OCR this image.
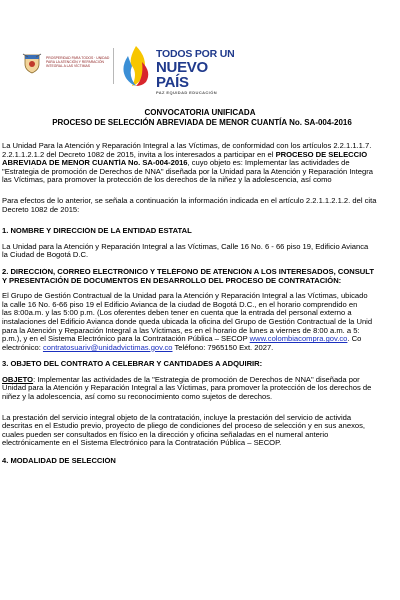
PROSPERIDAD PARA TODOS · UNIDAD PARA LA ATENCIÓN Y REPARACIÓN INTEGRAL A LAS VÍCTIMAS
TODOS POR UN
NUEVO PAÍS
PAZ EQUIDAD EDUCACIÓN
CONVOCATORIA UNIFICADA
PROCESO DE SELECCIÓN ABREVIADA DE MENOR CUANTÍA No. SA-004-2016

La Unidad Para la Atención y Reparación Integral a las Víctimas, de conformidad con los artículos 2.2.1.1.1.7.

2.2.1.1.2.1.2 del Decreto 1082 de 2015, invita a los interesados a participar en el PROCESO DE SELECCIÓ

ABREVIADA DE MENOR CUANTÍA No. SA-004-2016, cuyo objeto es: Implementar las actividades de

"Estrategia de promoción de Derechos de NNA" diseñada por la Unidad para la Atención y Reparación Integra

las Víctimas, para promover la protección de los derechos de la niñez y la adolescencia, así como

Para efectos de lo anterior, se señala a continuación la información indicada en el artículo 2.2.1.1.2.1.2. del cita

Decreto 1082 de 2015:

1. NOMBRE Y DIRECCIÓN DE LA ENTIDAD ESTATAL

La Unidad para la Atención y Reparación Integral a las Víctimas, Calle 16 No. 6 - 66 piso 19, Edificio Avianca

la Ciudad de Bogotá D.C.

2. DIRECCIÓN, CORREO ELECTRÓNICO Y TELÉFONO DE ATENCIÓN A LOS INTERESADOS, CONSULT
Y PRESENTACIÓN DE DOCUMENTOS EN DESARROLLO DEL PROCESO DE CONTRATACIÓN:

El Grupo de Gestión Contractual de la Unidad para la Atención y Reparación Integral a las Víctimas, ubicado

la calle 16 No. 6-66 piso 19 el Edificio Avianca de la ciudad de Bogotá D.C., en el horario comprendido en

las 8:00a.m. y las 5:00 p.m. (Los oferentes deben tener en cuenta que la entrada del personal externo a

instalaciones del Edificio Avianca donde queda ubicada la oficina del Grupo de Gestión Contractual de la Unid

para la Atención y Reparación Integral a las Víctimas, es en el horario de lunes a viernes de 8:00 a.m. a 5:

p.m.), y en el Sistema Electrónico para la Contratación Pública – SECOP www.colombiacompra.gov.co. Co

electrónico: contratosuariv@unidadvictimas.gov.co Teléfono: 7965150 Ext. 2027.

3. OBJETO DEL CONTRATO A CELEBRAR Y CANTIDADES A ADQUIRIR:

OBJETO: Implementar las actividades de la "Estrategia de promoción de Derechos de NNA" diseñada por

Unidad para la Atención y Reparación Integral a las Víctimas, para promover la protección de los derechos de

niñez y la adolescencia, así como su reconocimiento como sujetos de derechos.

La prestación del servicio integral objeto de la contratación, incluye la prestación del servicio de activida

descritas en el Estudio previo, proyecto de pliego de condiciones del proceso de selección y en sus anexos,

cuales pueden ser consultados en físico en la dirección y oficina señaladas en el numeral anterio

electrónicamente en el Sistema Electrónico para la Contratación Pública – SECOP.

4. MODALIDAD DE SELECCIÓN
